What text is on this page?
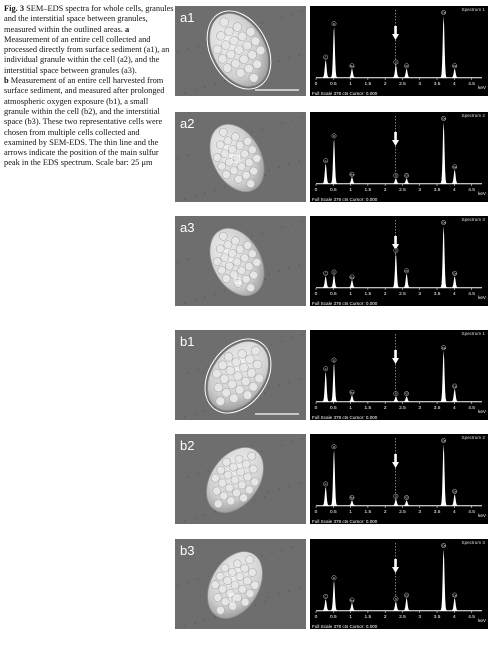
Fig. 3 SEM–EDS spectra for whole cells, granules and the interstitial space between granules, measured within the outlined areas. a Measurement of an entire cell collected and processed directly from surface sediment (a1), an individual granule within the cell (a2), and the interstitial space between granules (a3).

b Measurement of an entire cell harvested from surface sediment, and measured after prolonged atmospheric oxygen exposure (b1), a small granule within the cell (b2), and the interstitial space (b3). These two representative cells were chosen from multiple cells collected and examined by SEM-EDS. The thin line and the arrows indicate the position of the main sulfur peak in the EDS spectrum. Scale bar: 25 μm

a1
0	0.5	1	1.5	2	2.5	3	3.5	4	4.5
C
O
Na
S
Cl
Ca
Ca
Spectrum 1
keV
Full Scale 378 cts Cursor: 0.000
a2
0	0.5	1	1.5	2	2.5	3	3.5	4	4.5
C
O
Na	S	Cl
Ca
Ca
Spectrum 2
keV
Full Scale 378 cts Cursor: 0.000
a3
0	0.5	1	1.5	2	2.5	3	3.5	4	4.5
C O
Na
S
Cl
Ca
Ca
Spectrum 3
keV
Full Scale 378 cts Cursor: 0.000
b1
0	0.5	1	1.5	2	2.5	3	3.5	4	4.5
C
O
Na	S	Cl
Ca
Ca
Spectrum 1
keV
Full Scale 378 cts Cursor: 0.000
b2
0	0.5	1	1.5	2	2.5	3	3.5	4	4.5
C
O
Na	S	Cl
Ca
Ca
Spectrum 2
keV
Full Scale 378 cts Cursor: 0.000
b3
0	0.5	1	1.5	2	2.5	3	3.5	4	4.5
C
O
Na	S
Cl
Ca
Ca
Spectrum 3
keV
Full Scale 378 cts Cursor: 0.000
